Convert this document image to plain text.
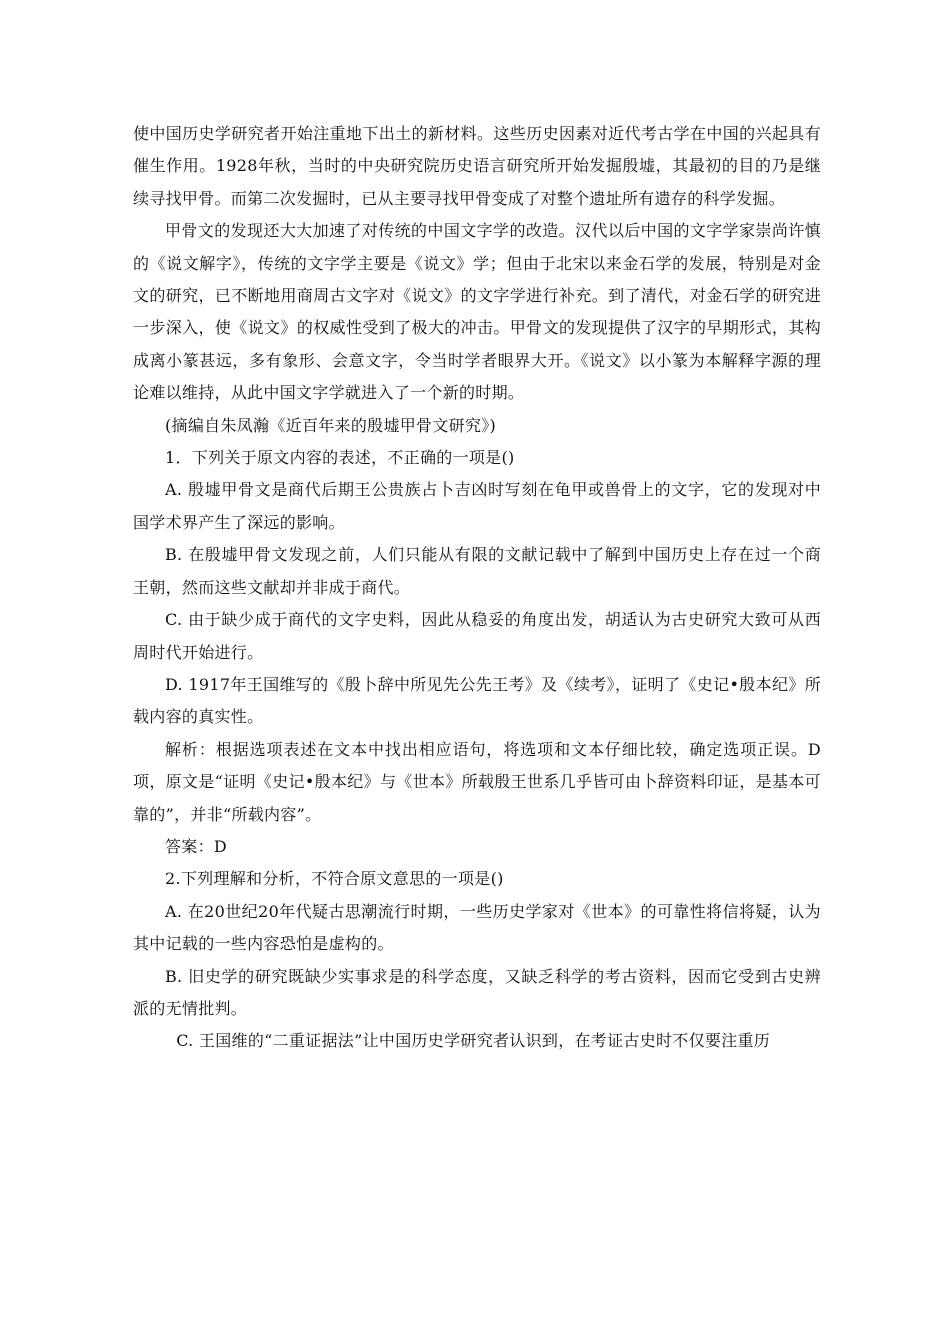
使中国历史学研究者开始注重地下出土的新材料。这些历史因素对近代考古学在中国的兴起具有催生作用。1928年秋，当时的中央研究院历史语言研究所开始发掘殷墟，其最初的目的乃是继续寻找甲骨。而第二次发掘时，已从主要寻找甲骨变成了对整个遗址所有遗存的科学发掘。

甲骨文的发现还大大加速了对传统的中国文字学的改造。汉代以后中国的文字学家崇尚许慎的《说文解字》，传统的文字学主要是《说文》学；但由于北宋以来金石学的发展，特别是对金文的研究，已不断地用商周古文字对《说文》的文字学进行补充。到了清代，对金石学的研究进一步深入，使《说文》的权威性受到了极大的冲击。甲骨文的发现提供了汉字的早期形式，其构成离小篆甚远，多有象形、会意文字，令当时学者眼界大开。《说文》以小篆为本解释字源的理论难以维持，从此中国文字学就进入了一个新的时期。

(摘编自朱凤瀚《近百年来的殷墟甲骨文研究》)

1．下列关于原文内容的表述，不正确的一项是()

A. 殷墟甲骨文是商代后期王公贵族占卜吉凶时写刻在龟甲或兽骨上的文字，它的发现对中国学术界产生了深远的影响。

B. 在殷墟甲骨文发现之前，人们只能从有限的文献记载中了解到中国历史上存在过一个商王朝，然而这些文献却并非成于商代。

C. 由于缺少成于商代的文字史料，因此从稳妥的角度出发，胡适认为古史研究大致可从西周时代开始进行。

D. 1917年王国维写的《殷卜辞中所见先公先王考》及《续考》，证明了《史记•殷本纪》所载内容的真实性。

解析：根据选项表述在文本中找出相应语句，将选项和文本仔细比较，确定选项正误。D项，原文是“证明《史记•殷本纪》与《世本》所载殷王世系几乎皆可由卜辞资料印证，是基本可靠的”，并非“所载内容”。

答案：D

2.下列理解和分析，不符合原文意思的一项是()

A. 在20世纪20年代疑古思潮流行时期，一些历史学家对《世本》的可靠性将信将疑，认为其中记载的一些内容恐怕是虚构的。

B. 旧史学的研究既缺少实事求是的科学态度，又缺乏科学的考古资料，因而它受到古史辨派的无情批判。

C. 王国维的“二重证据法”让中国历史学研究者认识到，在考证古史时不仅要注重历
